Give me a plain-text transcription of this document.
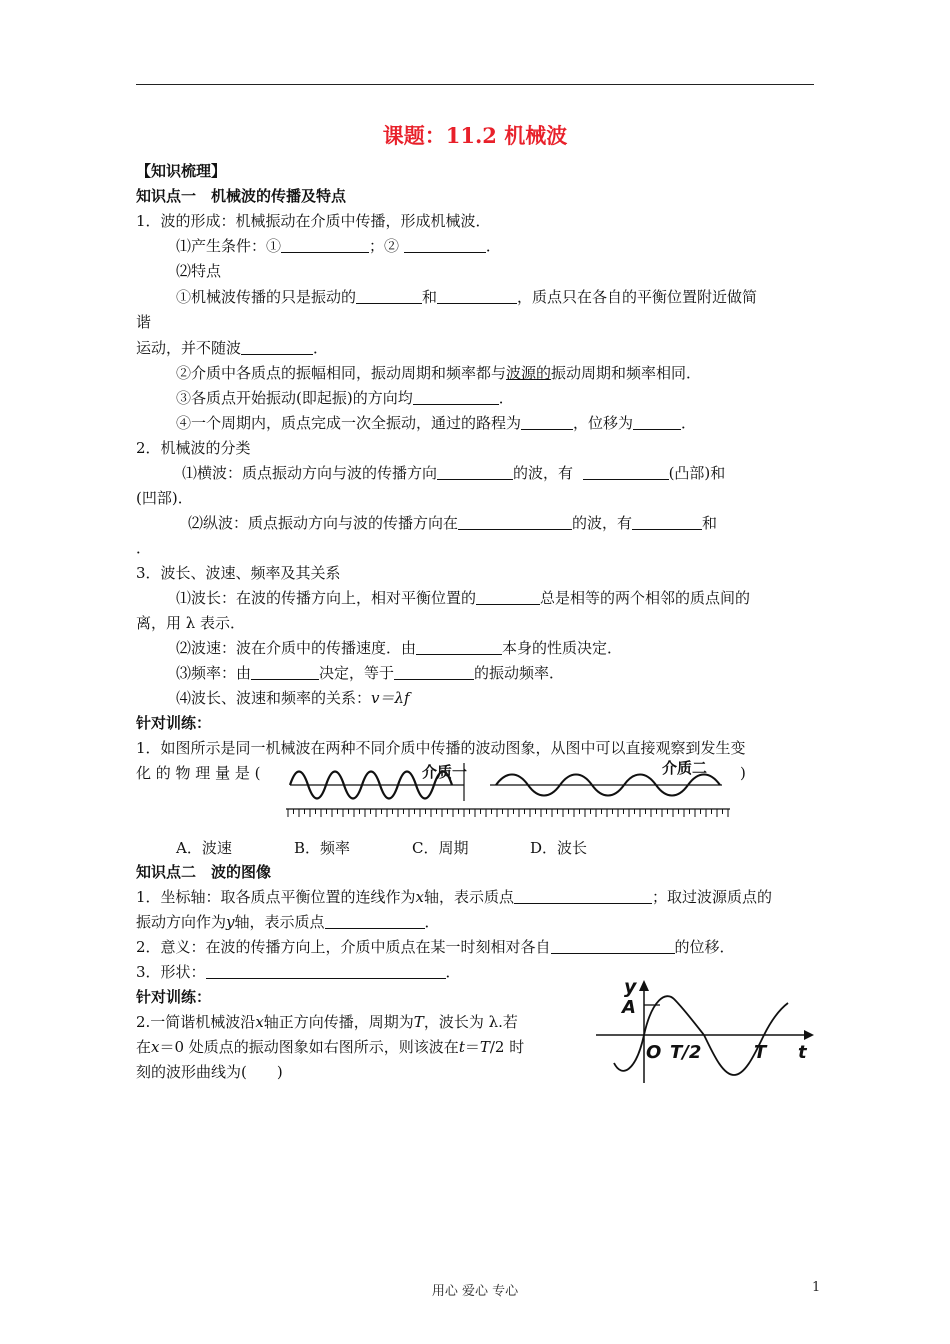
课题：11.2 机械波
【知识梳理】
知识点一　机械波的传播及特点
1．波的形成：机械振动在介质中传播，形成机械波．
⑴产生条件：①	；②	．
⑵特点
①机械波传播的只是振动的	和	，质点只在各自的平衡位置附近做简
谐
运动，并不随波	．
②介质中各质点的振幅相同，振动周期和频率都与波源的振动周期和频率相同．
③各质点开始振动(即起振)的方向均	．
④一个周期内，质点完成一次全振动，通过的路程为	，位移为	．
2．机械波的分类
⑴横波：质点振动方向与波的传播方向	的波，有	(凸部)和
(凹部)．
⑵纵波：质点振动方向与波的传播方向在	的波，有	和
．
3．波长、波速、频率及其关系
⑴波长：在波的传播方向上，相对平衡位置的	总是相等的两个相邻的质点间的
离，用 λ 表示．
⑵波速：波在介质中的传播速度．由	本身的性质决定．
⑶频率：由	决定，等于	的振动频率．
⑷波长、波速和频率的关系：v＝λf
针对训练：
1．如图所示是同一机械波在两种不同介质中传播的波动图象，从图中可以直接观察到发生变
化 的 物 理 量 是 (	)
介质一	介质二
A．波速	B．频率	C．周期	D．波长
知识点二　波的图像
1．坐标轴：取各质点平衡位置的连线作为x轴，表示质点	；取过波源质点的
振动方向作为y轴，表示质点	．
2．意义：在波的传播方向上，介质中质点在某一时刻相对各自	的位移．
3．形状：	．
针对训练：
2.一简谐机械波沿x轴正方向传播，周期为T，波长为 λ.若
在x＝0 处质点的振动图象如右图所示，则该波在t＝T/2 时
刻的波形曲线为(　　)
y
A
O T/2	T t
用心 爱心 专心	1
